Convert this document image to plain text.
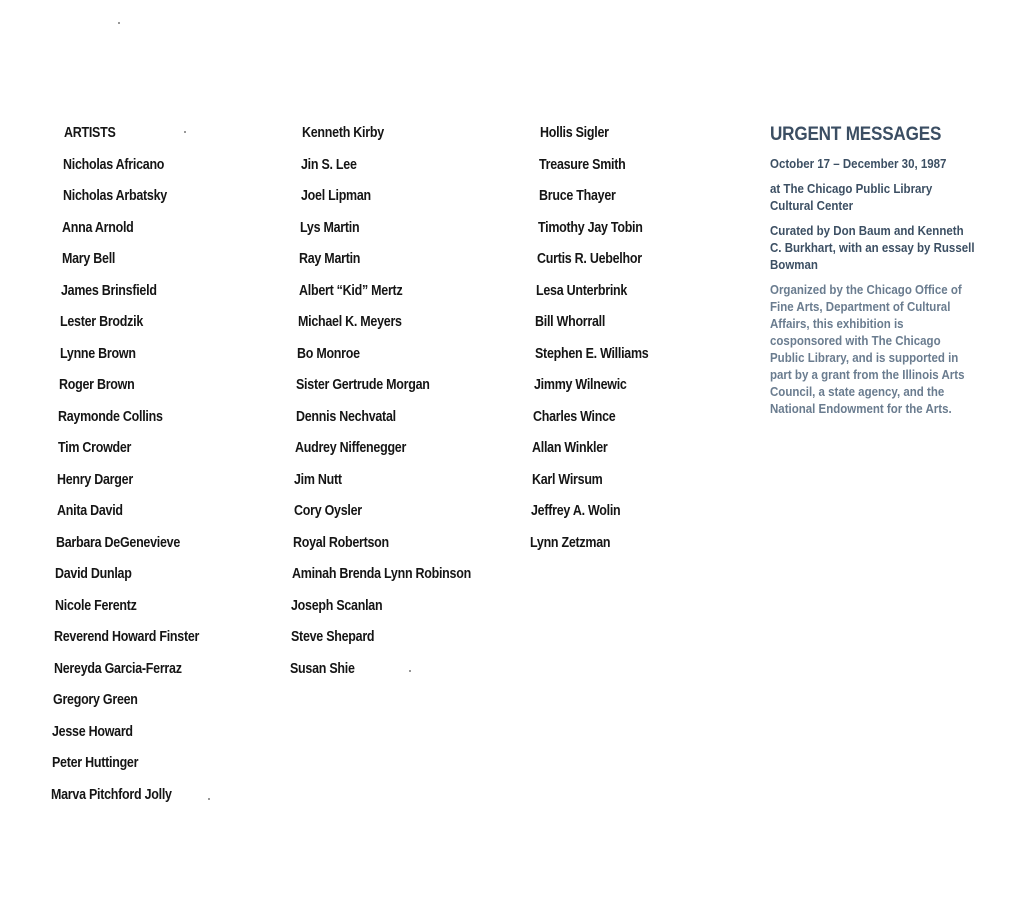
ARTISTS
Nicholas Africano
Nicholas Arbatsky
Anna Arnold
Mary Bell
James Brinsfield
Lester Brodzik
Lynne Brown
Roger Brown
Raymonde Collins
Tim Crowder
Henry Darger
Anita David
Barbara DeGenevieve
David Dunlap
Nicole Ferentz
Reverend Howard Finster
Nereyda Garcia-Ferraz
Gregory Green
Jesse Howard
Peter Huttinger
Marva Pitchford Jolly
Kenneth Kirby
Jin S. Lee
Joel Lipman
Lys Martin
Ray Martin
Albert “Kid” Mertz
Michael K. Meyers
Bo Monroe
Sister Gertrude Morgan
Dennis Nechvatal
Audrey Niffenegger
Jim Nutt
Cory Oysler
Royal Robertson
Aminah Brenda Lynn Robinson
Joseph Scanlan
Steve Shepard
Susan Shie
Hollis Sigler
Treasure Smith
Bruce Thayer
Timothy Jay Tobin
Curtis R. Uebelhor
Lesa Unterbrink
Bill Whorrall
Stephen E. Williams
Jimmy Wilnewic
Charles Wince
Allan Winkler
Karl Wirsum
Jeffrey A. Wolin
Lynn Zetzman
URGENT MESSAGES

October 17 – December 30, 1987

at The Chicago Public Library Cultural Center

Curated by Don Baum and Kenneth C. Burkhart, with an essay by Russell Bowman

Organized by the Chicago Office of Fine Arts, Department of Cultural Affairs, this exhibition is cosponsored with The Chicago Public Library, and is supported in part by a grant from the Illinois Arts Council, a state agency, and the National Endowment for the Arts.
